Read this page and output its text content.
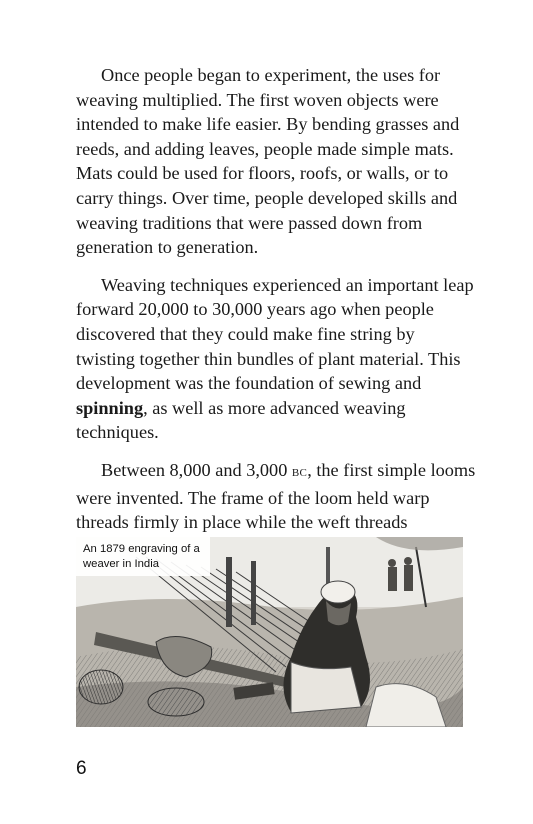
Once people began to experiment, the uses for weaving multiplied. The first woven objects were intended to make life easier. By bending grasses and reeds, and adding leaves, people made simple mats. Mats could be used for floors, roofs, or walls, or to carry things. Over time, people developed skills and weaving traditions that were passed down from generation to generation.

Weaving techniques experienced an important leap forward 20,000 to 30,000 years ago when people discovered that they could make fine string by twisting together thin bundles of plant material. This development was the foundation of sewing and spinning, as well as more advanced weaving techniques.

Between 8,000 and 3,000 BC, the first simple looms were invented. The frame of the loom held warp threads firmly in place while the weft threads

An 1879 engraving of a weaver in India
6
